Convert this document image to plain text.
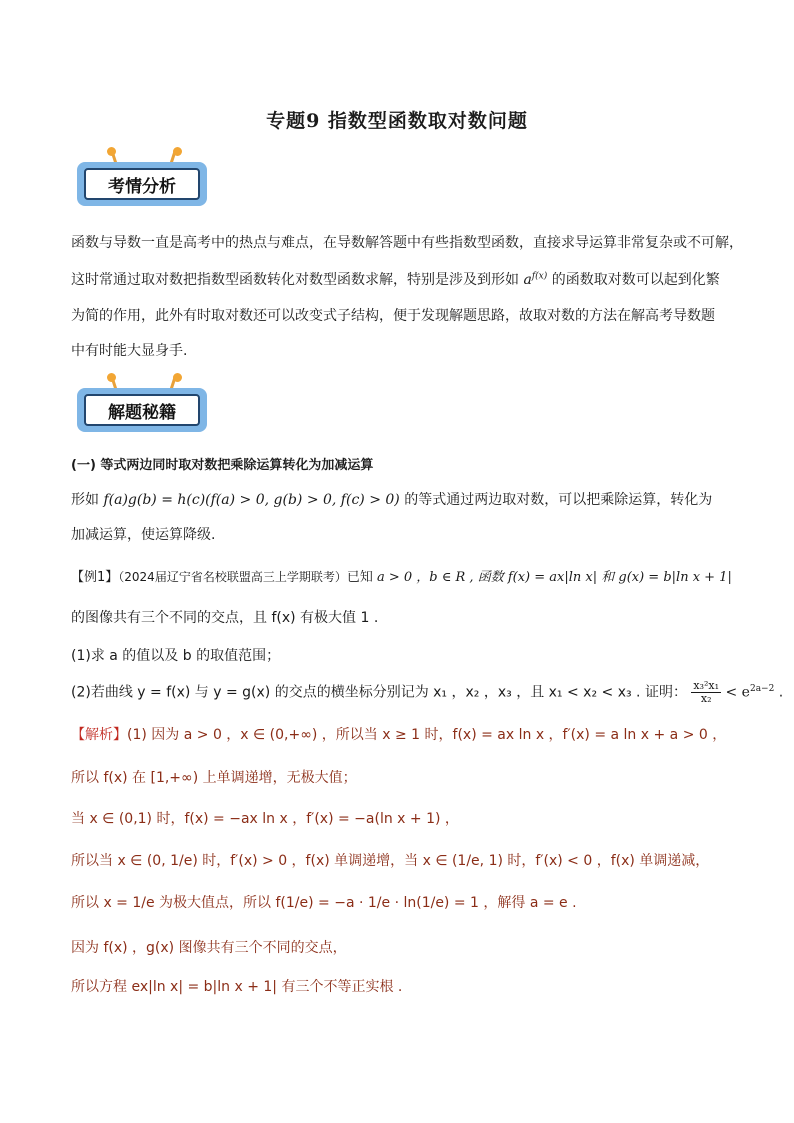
专题9 指数型函数取对数问题
考情分析
函数与导数一直是高考中的热点与难点，在导数解答题中有些指数型函数，直接求导运算非常复杂或不可解，
这时常通过取对数把指数型函数转化对数型函数求解，特别是涉及到形如 $a^{f(x)}$ 的函数取对数可以起到化繁
为简的作用，此外有时取对数还可以改变式子结构，便于发现解题思路，故取对数的方法在解高考导数题
中有时能大显身手.
解题秘籍
(一) 等式两边同时取对数把乘除运算转化为加减运算
形如 f(a)g(b) = h(c)(f(a) > 0, g(b) > 0, f(c) > 0) 的等式通过两边取对数，可以把乘除运算，转化为
加减运算，使运算降级.
【例1】（2024届辽宁省名校联盟高三上学期联考）已知 a > 0 ，b ∈ R , 函数 f(x) = ax|ln x| 和 g(x) = b|ln x + 1|
的图像共有三个不同的交点，且 f(x) 有极大值 1 .
(1)求 a 的值以及 b 的取值范围；
(2)若曲线 y = f(x) 与 y = g(x) 的交点的横坐标分别记为 x₁ ，x₂ ，x₃ ，且 x₁ < x₂ < x₃ . 证明： $\frac{\text{x₃²x₁}}{\text{x₂}} < e^{2a-2}$ .
【解析】(1) 因为 a > 0 ，x ∈ (0,+∞) ，所以当 x ≥ 1 时，f(x) = ax ln x ，f′(x) = a ln x + a > 0 ，
所以 f(x) 在 [1,+∞) 上单调递增，无极大值；
当 x ∈ (0,1) 时，f(x) = −ax ln x ，f′(x) = −a(ln x + 1) ，
所以当 x ∈ (0, 1/e) 时，f′(x) > 0 ，f(x) 单调递增，当 x ∈ (1/e, 1) 时，f′(x) < 0 ，f(x) 单调递减，
所以 x = 1/e 为极大值点，所以 f(1/e) = −a · 1/e · ln(1/e) = 1 ，解得 a = e .
因为 f(x) ，g(x) 图像共有三个不同的交点，
所以方程 ex|ln x| = b|ln x + 1| 有三个不等正实根 .
